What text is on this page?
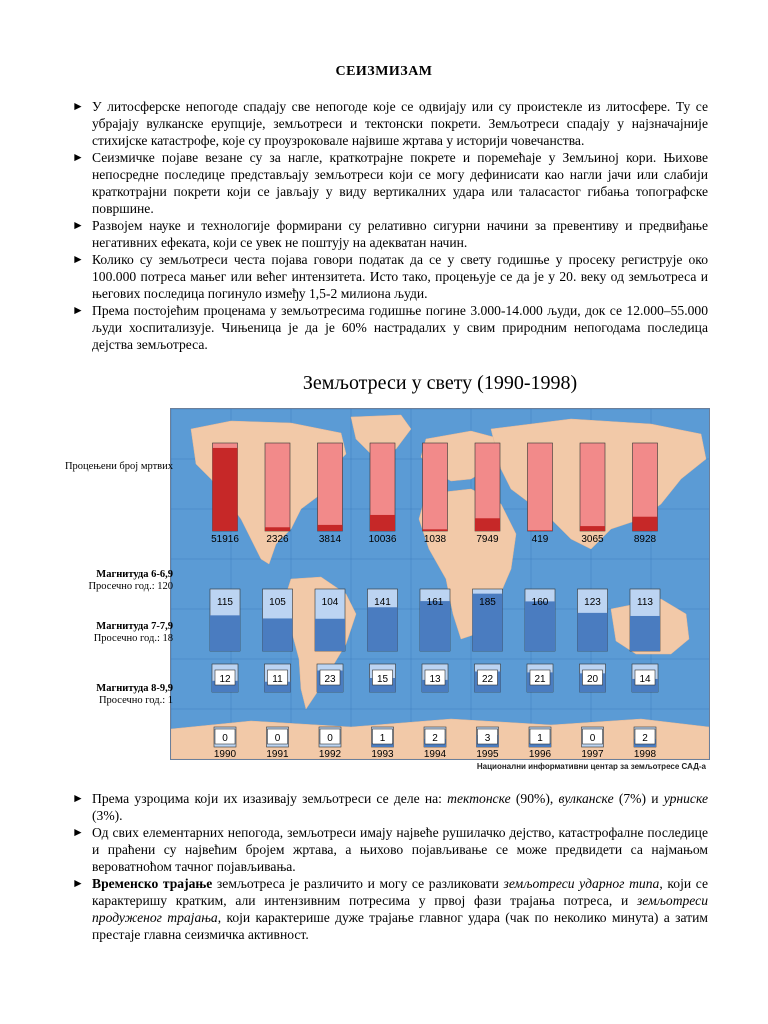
СЕИЗМИЗАМ
► У литосферске непогоде спадају све непогоде које се одвијају или су проистекле из литосфере. Ту се убрајају вулканске ерупције, земљотреси и тектонски покрети. Земљотреси спадају у најзначајније стихијске катастрофе, које су проузроковале највише жртава у историји човечанства.
► Сеизмичке појаве везане су за нагле, краткотрајне покрете и поремећаје у Земљиној кори. Њихове непосредне последице представљају земљотреси који се могу дефинисати као нагли јачи или слабији краткотрајни покрети који се јављају у виду вертикалних удара или таласастог гибања топографске површине.
► Развојем науке и технологије формирани су релативно сигурни начини за превентиву и предвиђање негативних ефеката, који се увек не поштују на адекватан начин.
► Колико су земљотреси честа појава говори податак да се у свету годишње у просеку региструје око 100.000 потреса мањег или већег интензитета. Исто тако, процењује се да је у 20. веку од земљотреса и његових последица погинуло између 1,5-2 милиона људи.
► Према постојећим проценама у земљотресима годишње погине 3.000-14.000 људи, док се 12.000–55.000 људи хоспитализује. Чињеница је да је 60% настрадалих у свим природним непогодама последица дејства земљотреса.
Земљотреси у свету (1990-1998)
51916	2326	3814	10036	1038	7949	419	3065	8928
115	105	104	141	161	185	160	123	113
12	11	23	15	13	22	21	20	14
0	0	0	1	2	3	1	0	2
1990	1991	1992	1993	1994	1995	1996	1997	1998
Процењени број мртвих
Магнитуда 6-6,9
Просечно год.: 120
Магнитуда 7-7,9
Просечно год.: 18
Магнитуда 8-9,9
Просечно год.: 1
Национални информативни центар за земљотресе САД-а
► Према узроцима који их изазивају земљотреси се деле на: тектонске (90%), вулканске (7%) и урниске (3%).
► Од свих елементарних непогода, земљотреси имају највеће рушилачко дејство, катастрофалне последице и праћени су највећим бројем жртава, а њихово појављивање се може предвидети са најмањом вероватноћом тачног појављивања.
► Временско трајање земљотреса је различито и могу се разликовати земљотреси ударног типа, који се карактеришу кратким, али интензивним потресима у првој фази трајања потреса, и земљотреси продуженог трајања, који карактерише дуже трајање главног удара (чак по неколико минута) а затим престаје главна сеизмичка активност.
